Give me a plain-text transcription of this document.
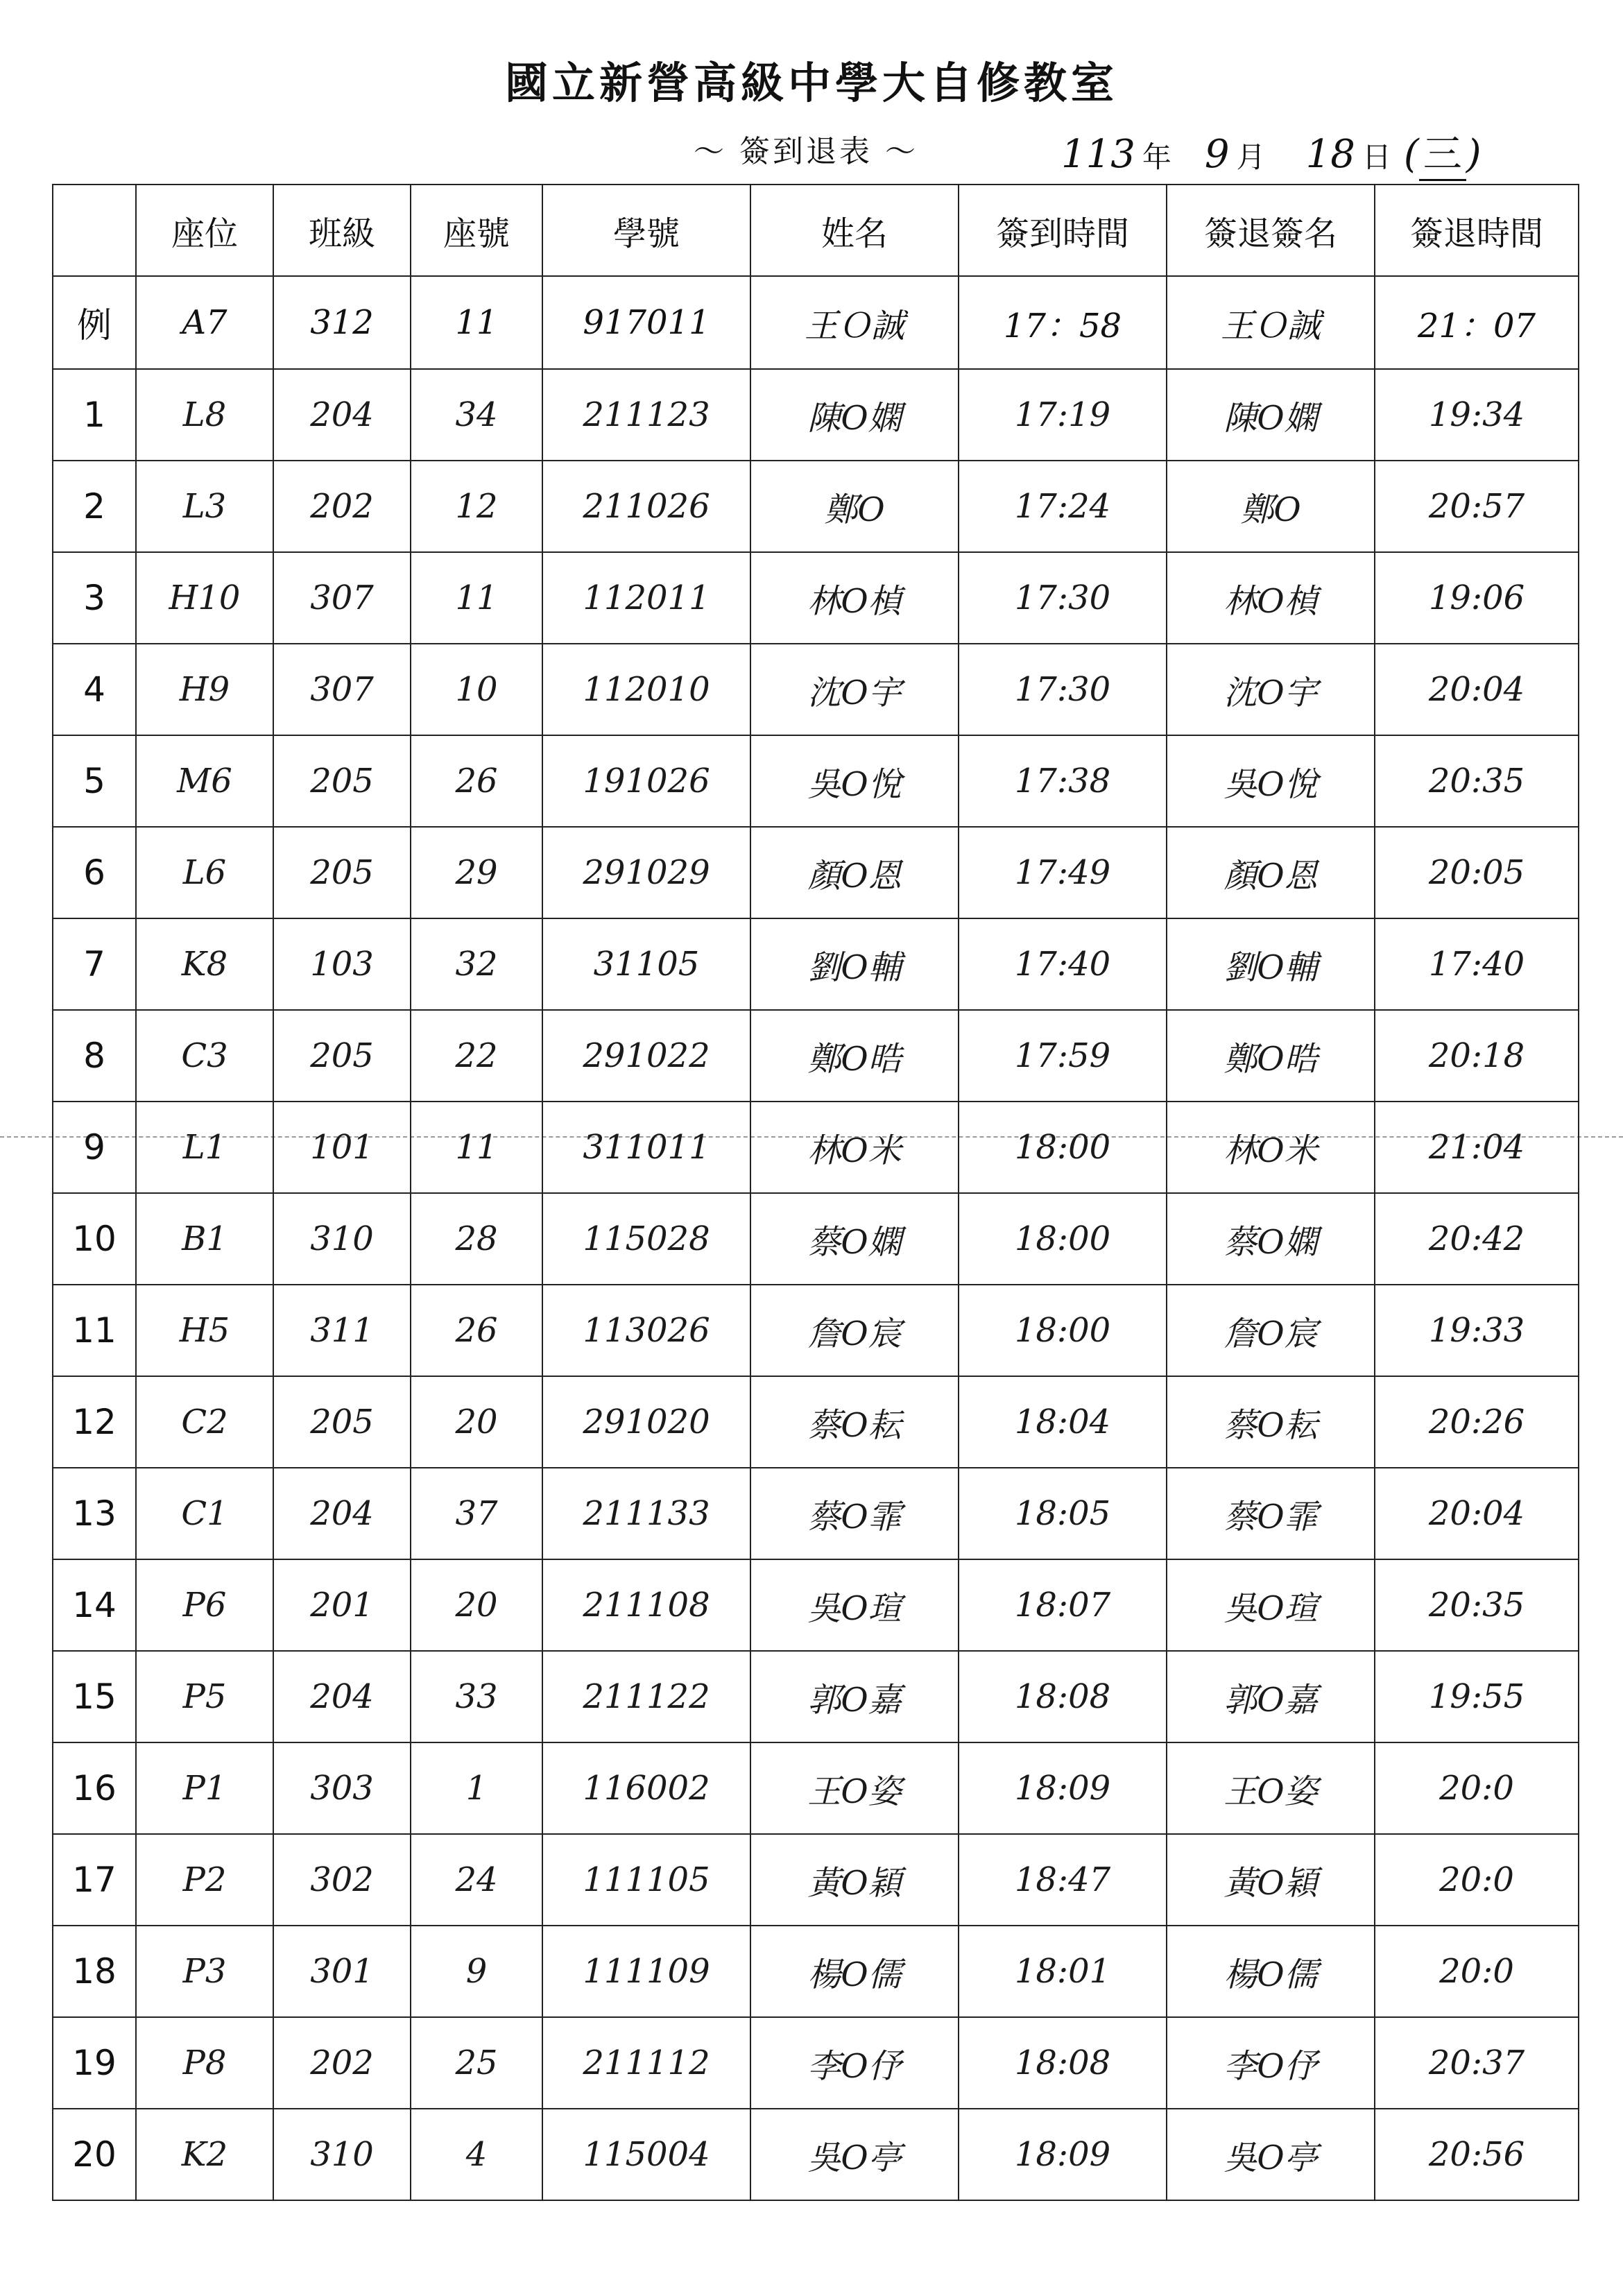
國立新營高級中學大自修教室
～ 簽到退表 ～	113 年 9 月 18 日 ( 三 )
	座位	班級	座號	學號	姓名	簽到時間	簽退簽名	簽退時間
例	A7	312	11	917011	王Ｏ誠	17：58	王Ｏ誠	21：07
1	L8	204	34	211123	陳O嫻	17:19	陳O嫻	19:34
2	L3	202	12	211026	鄭O	17:24	鄭O	20:57
3	H10	307	11	112011	林O楨	17:30	林O楨	19:06
4	H9	307	10	112010	沈O宇	17:30	沈O宇	20:04
5	M6	205	26	191026	吳O悅	17:38	吳O悅	20:35
6	L6	205	29	291029	顏O恩	17:49	顏O恩	20:05
7	K8	103	32	31105	劉O輔	17:40	劉O輔	17:40
8	C3	205	22	291022	鄭O晧	17:59	鄭O晧	20:18
9	L1	101	11	311011	林O米	18:00	林O米	21:04
10	B1	310	28	115028	蔡O嫻	18:00	蔡O嫻	20:42
11	H5	311	26	113026	詹O宸	18:00	詹O宸	19:33
12	C2	205	20	291020	蔡O耘	18:04	蔡O耘	20:26
13	C1	204	37	211133	蔡O霏	18:05	蔡O霏	20:04
14	P6	201	20	211108	吳O瑄	18:07	吳O瑄	20:35
15	P5	204	33	211122	郭O嘉	18:08	郭O嘉	19:55
16	P1	303	1	116002	王O姿	18:09	王O姿	20:0
17	P2	302	24	111105	黃O穎	18:47	黃O穎	20:0
18	P3	301	9	111109	楊O儒	18:01	楊O儒	20:0
19	P8	202	25	211112	李O伃	18:08	李O伃	20:37
20	K2	310	4	115004	吳O亭	18:09	吳O亭	20:56
